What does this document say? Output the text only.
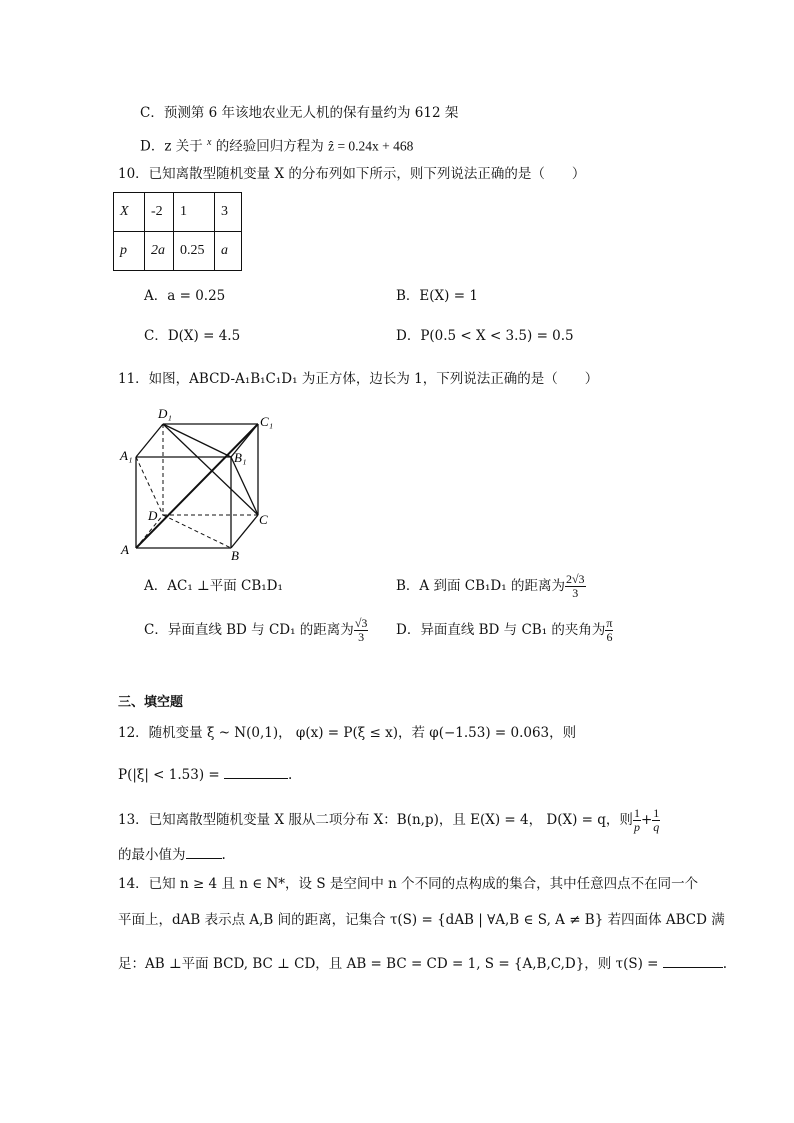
C．预测第 6 年该地农业无人机的保有量约为 612 架
D．z 关于 $^x$ 的经验回归方程为 ẑ = 0.24x + 468
10．已知离散型随机变量 X 的分布列如下所示，则下列说法正确的是（　　）
X	-2	1	3
p	2a	0.25	a
A．a = 0.25	B．E(X) = 1
C．D(X) = 4.5	D．P(0.5 < X < 3.5) = 0.5
11．如图，ABCD-A₁B₁C₁D₁ 为正方体，边长为 1，下列说法正确的是（　　）
A	B
C
D
A₁	B₁
C₁
D₁
A．AC₁ ⊥平面 CB₁D₁	B．A 到面 CB₁D₁ 的距离为 $\frac{2√3}{3}$
C．异面直线 BD 与 CD₁ 的距离为 $\frac{√3}{3}$ D．异面直线 BD 与 CB₁ 的夹角为 $\frac{\pi}{6}$
三、填空题
12．随机变量 ξ ~ N(0,1)， φ(x) = P(ξ ≤ x)，若 φ(−1.53) = 0.063，则
P(|ξ| < 1.53) =	.
13．已知离散型随机变量 X 服从二项分布 X：B(n,p)，且 E(X) = 4， D(X) = q，则 $\frac{1}{p} + \frac{1}{q}$
的最小值为	.
14．已知 n ≥ 4 且 n ∈ N*，设 S 是空间中 n 个不同的点构成的集合，其中任意四点不在同一个
平面上，dAB 表示点 A,B 间的距离，记集合 τ(S) = {dAB | ∀A,B ∈ S, A ≠ B} 若四面体 ABCD 满
足：AB ⊥平面 BCD, BC ⊥ CD，且 AB = BC = CD = 1, S = {A,B,C,D}，则 τ(S) =	.
